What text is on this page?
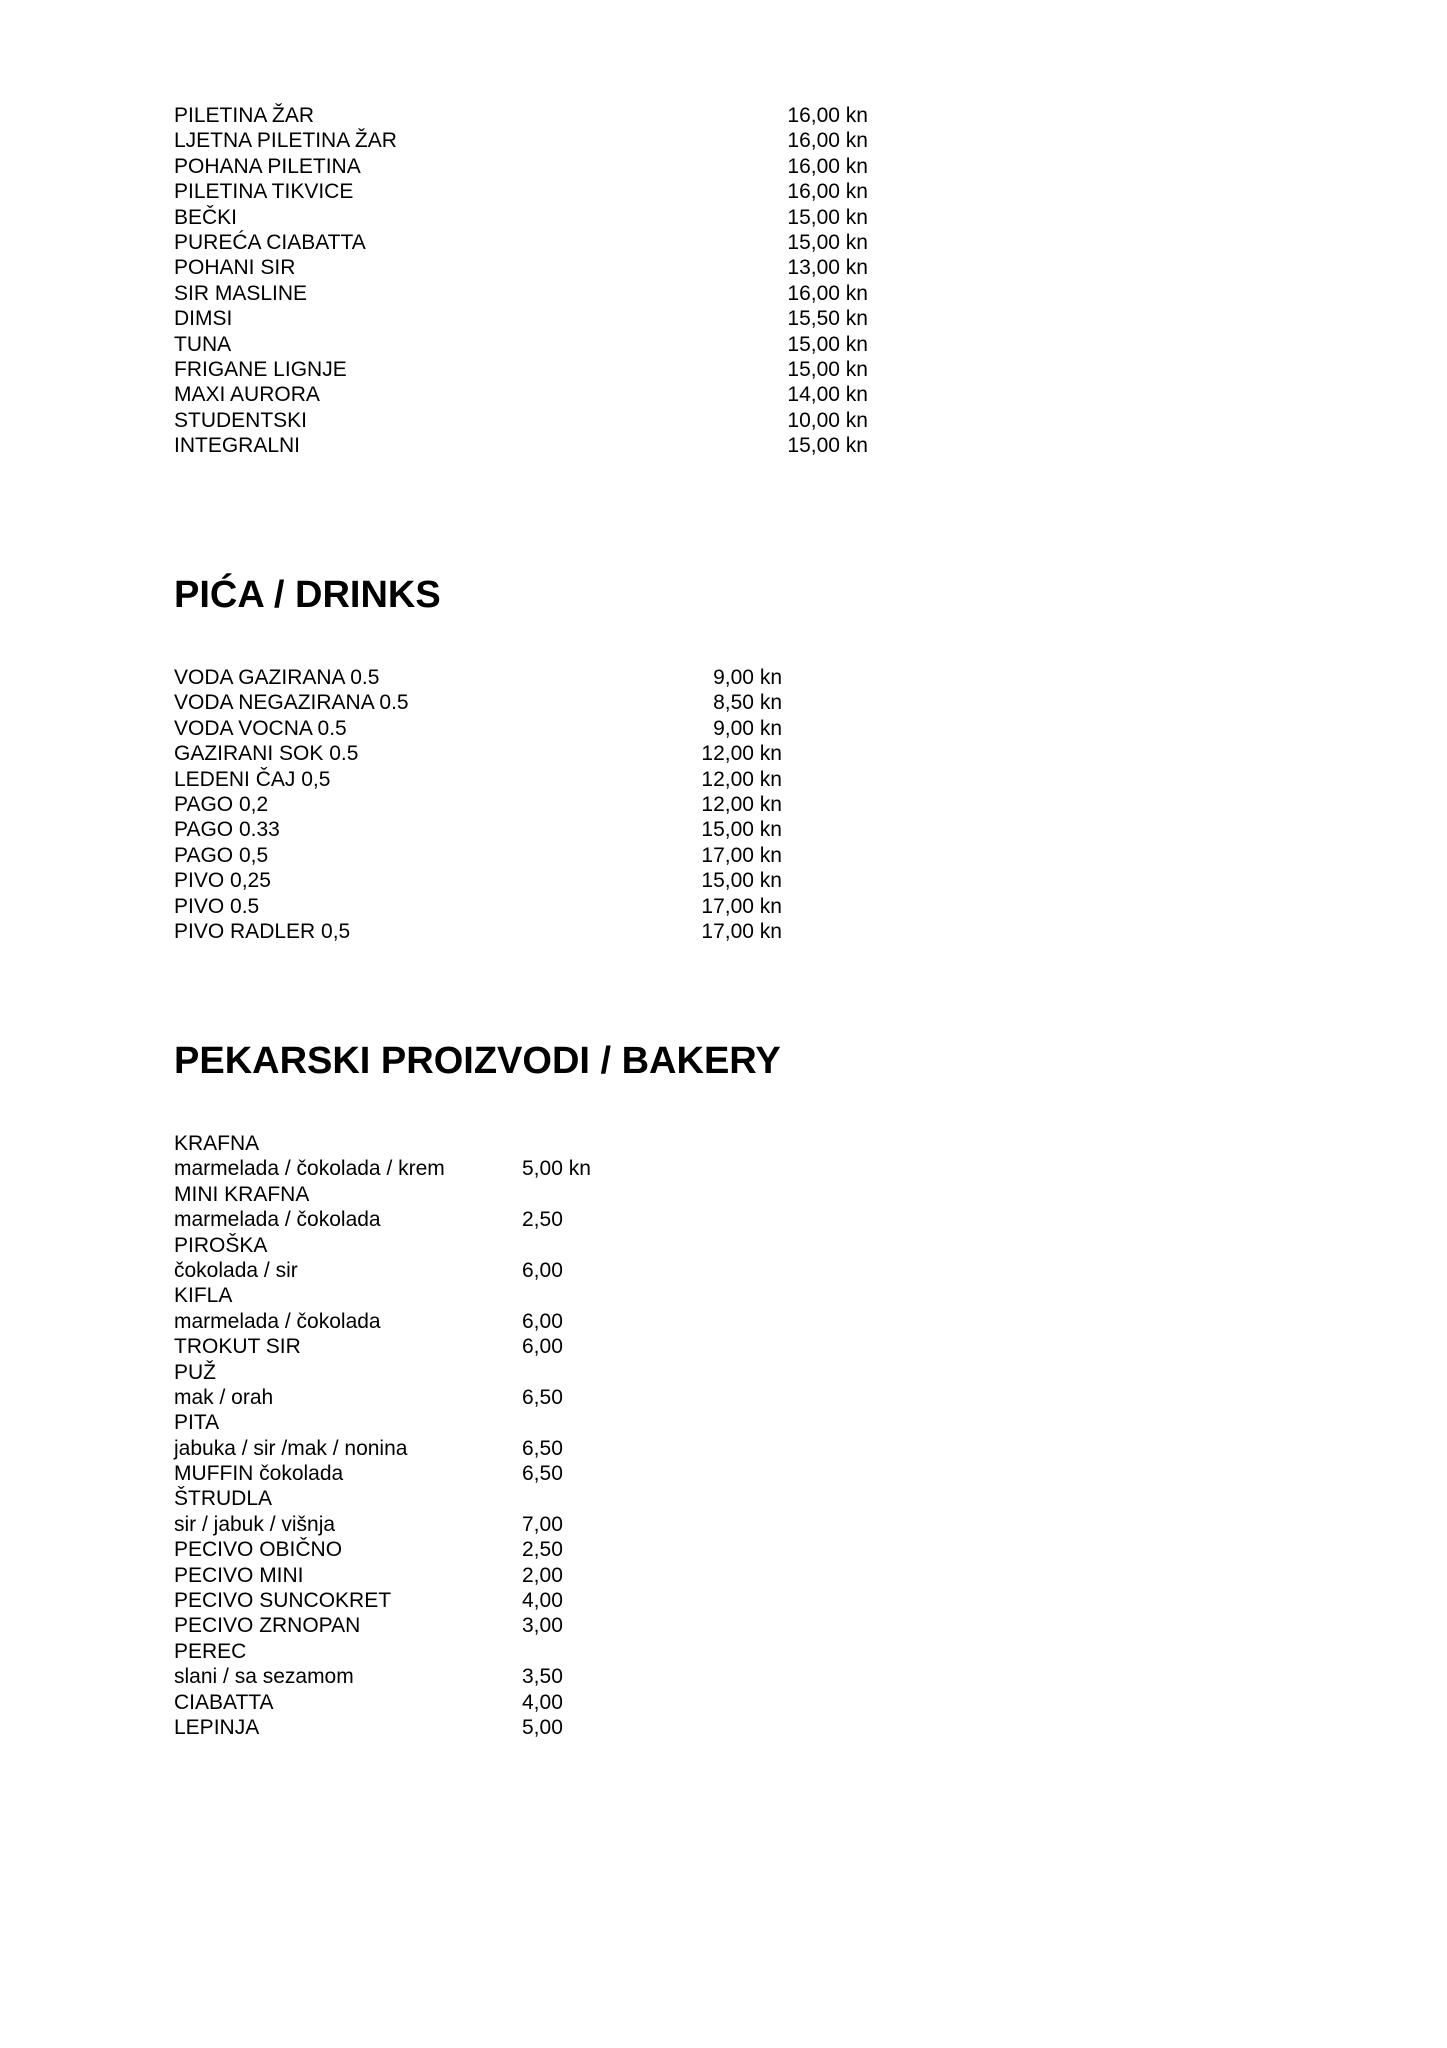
PILETINA ŽAR	16,00 kn
LJETNA PILETINA ŽAR	16,00 kn
POHANA PILETINA	16,00 kn
PILETINA TIKVICE	16,00 kn
BEČKI	15,00 kn
PUREĆA CIABATTA	15,00 kn
POHANI SIR	13,00 kn
SIR MASLINE	16,00 kn
DIMSI	15,50 kn
TUNA	15,00 kn
FRIGANE LIGNJE	15,00 kn
MAXI AURORA	14,00 kn
STUDENTSKI	10,00 kn
INTEGRALNI	15,00 kn
PIĆA / DRINKS
VODA GAZIRANA 0.5	9,00 kn
VODA NEGAZIRANA 0.5	8,50 kn
VODA VOCNA 0.5	9,00 kn
GAZIRANI SOK 0.5	12,00 kn
LEDENI ČAJ 0,5	12,00 kn
PAGO 0,2	12,00 kn
PAGO 0.33	15,00 kn
PAGO 0,5	17,00 kn
PIVO 0,25	15,00 kn
PIVO 0.5	17,00 kn
PIVO RADLER 0,5	17,00 kn
PEKARSKI PROIZVODI / BAKERY
KRAFNA
marmelada / čokolada / krem	5,00 kn
MINI KRAFNA
marmelada / čokolada	2,50
PIROŠKA
čokolada / sir	6,00
KIFLA
marmelada / čokolada	6,00
TROKUT SIR	6,00
PUŽ
mak / orah	6,50
PITA
jabuka / sir /mak / nonina	6,50
MUFFIN čokolada	6,50
ŠTRUDLA
sir / jabuk / višnja	7,00
PECIVO OBIČNO	2,50
PECIVO MINI	2,00
PECIVO SUNCOKRET	4,00
PECIVO ZRNOPAN	3,00
PEREC
slani / sa sezamom	3,50
CIABATTA	4,00
LEPINJA	5,00
